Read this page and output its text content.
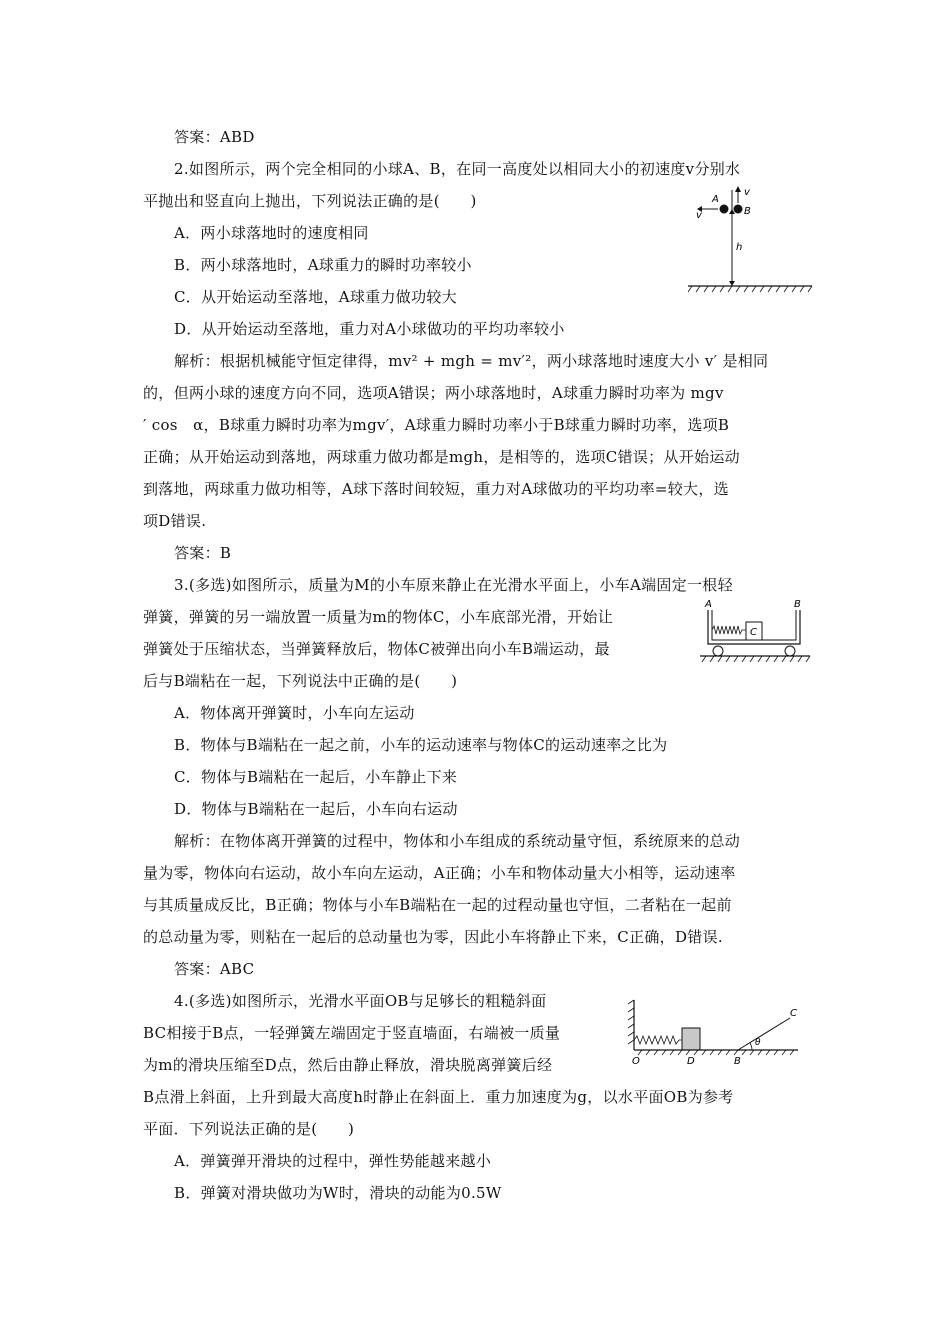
答案：ABD
2.如图所示，两个完全相同的小球A、B，在同一高度处以相同大小的初速度v分别水
平抛出和竖直向上抛出，下列说法正确的是(　　)
A．两小球落地时的速度相同
B．两小球落地时，A球重力的瞬时功率较小
C．从开始运动至落地，A球重力做功较大
D．从开始运动至落地，重力对A小球做功的平均功率较小
A
B
v
v
h
解析：根据机械能守恒定律得，mv² + mgh = mv′²，两小球落地时速度大小 v′ 是相同
的，但两小球的速度方向不同，选项A错误；两小球落地时，A球重力瞬时功率为 mgv
′ cos　α，B球重力瞬时功率为mgv′，A球重力瞬时功率小于B球重力瞬时功率，选项B
正确；从开始运动到落地，两球重力做功都是mgh，是相等的，选项C错误；从开始运动
到落地，两球重力做功相等，A球下落时间较短，重力对A球做功的平均功率=较大，选
项D错误.
答案：B
3.(多选)如图所示，质量为M的小车原来静止在光滑水平面上，小车A端固定一根轻
弹簧，弹簧的另一端放置一质量为m的物体C，小车底部光滑，开始让
弹簧处于压缩状态，当弹簧释放后，物体C被弹出向小车B端运动，最
后与B端粘在一起，下列说法中正确的是(　　)
A	B
C
A．物体离开弹簧时，小车向左运动
B．物体与B端粘在一起之前，小车的运动速率与物体C的运动速率之比为
C．物体与B端粘在一起后，小车静止下来
D．物体与B端粘在一起后，小车向右运动
解析：在物体离开弹簧的过程中，物体和小车组成的系统动量守恒，系统原来的总动
量为零，物体向右运动，故小车向左运动，A正确；小车和物体动量大小相等，运动速率
与其质量成反比，B正确；物体与小车B端粘在一起的过程动量也守恒，二者粘在一起前
的总动量为零，则粘在一起后的总动量也为零，因此小车将静止下来，C正确，D错误.
答案：ABC
4.(多选)如图所示，光滑水平面OB与足够长的粗糙斜面
BC相接于B点，一轻弹簧左端固定于竖直墙面，右端被一质量
为m的滑块压缩至D点，然后由静止释放，滑块脱离弹簧后经
B点滑上斜面，上升到最大高度h时静止在斜面上．重力加速度为g，以水平面OB为参考
平面．下列说法正确的是(　　)
θ
O	D	B
C
A．弹簧弹开滑块的过程中，弹性势能越来越小
B．弹簧对滑块做功为W时，滑块的动能为0.5W
